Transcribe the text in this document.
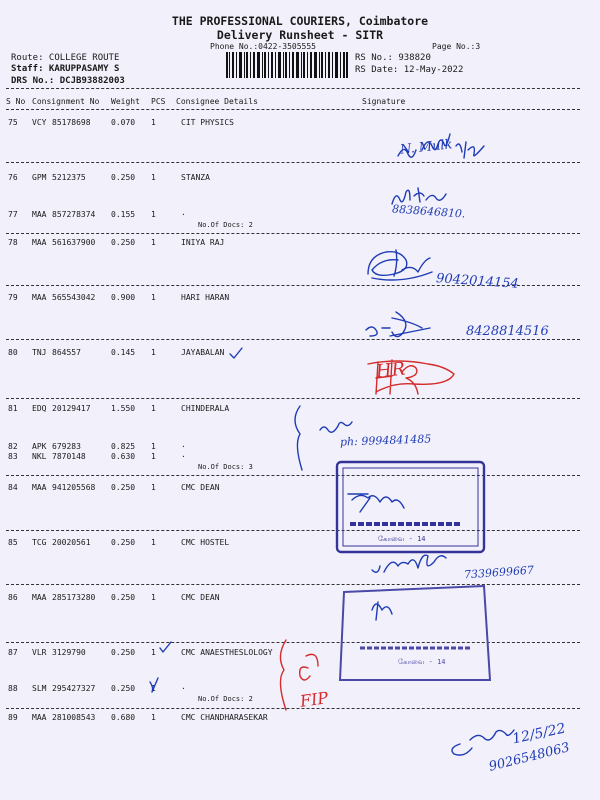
THE PROFESSIONAL COURIERS, Coimbatore
Delivery Runsheet - SITR
Phone No.:0422-3505555	Page No.:3
Route: COLLEGE ROUTE
Staff: KARUPPASAMY S
DRS No.: DCJB93882003
RS No.: 938820
RS Date: 12-May-2022
S No Consignment No Weight PCS Consignee Details	Signature
75 VCY 85178698	0.070 1	CIT PHYSICS
76 GPM 5212375	0.250 1	STANZA
77 MAA 857278374 0.155 1	.
No.Of Docs: 2
78 MAA 561637900 0.250 1	INIYA RAJ
79 MAA 565543042 0.900 1	HARI HARAN
80 TNJ 864557	0.145 1	JAYABALAN
81 EDQ 20129417	1.550 1	CHINDERALA
82 APK 679283	0.825 1	.
83 NKL 7870148	0.630 1	.
No.Of Docs: 3
84 MAA 941205568 0.250 1	CMC DEAN
85 TCG 20020561	0.250 1	CMC HOSTEL
86 MAA 285173280 0.250 1	CMC DEAN
87 VLR 3129790	0.250 1	CMC ANAESTHESLOLOGY
88 SLM 295427327 0.250 1	.
No.Of Docs: 2
89 MAA 281008543 0.680 1	CMC CHANDHARASEKAR
N. Mulk
8838646810.
9042014154
8428814516
HR
ph: 9994841485
7339699667
FIP
12/5/22
9026548063
கோவை - 14
கோவை - 14
